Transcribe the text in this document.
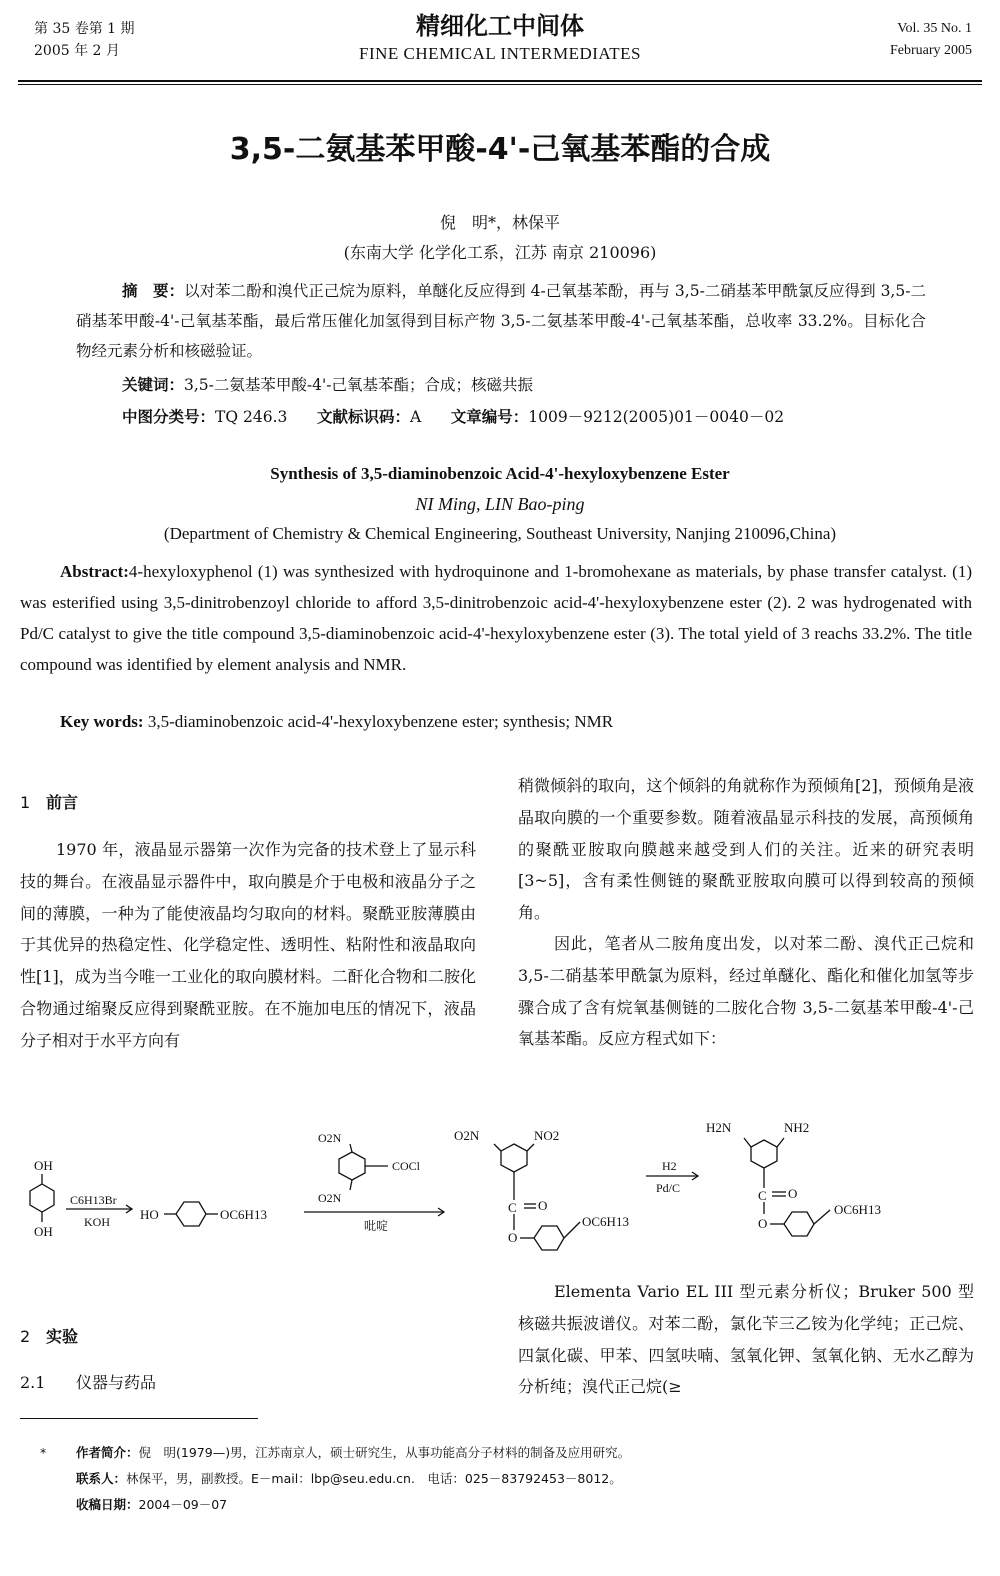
第 35 卷第 1 期
2005 年 2 月
精细化工中间体
FINE CHEMICAL INTERMEDIATES
Vol. 35 No. 1
February 2005
3,5-二氨基苯甲酸-4'-己氧基苯酯的合成
倪　明*，林保平
(东南大学 化学化工系，江苏 南京 210096)
摘　要：以对苯二酚和溴代正己烷为原料，单醚化反应得到 4-己氧基苯酚，再与 3,5-二硝基苯甲酰氯反应得到 3,5-二硝基苯甲酸-4'-己氧基苯酯，最后常压催化加氢得到目标产物 3,5-二氨基苯甲酸-4'-己氧基苯酯，总收率 33.2%。目标化合物经元素分析和核磁验证。
关键词：3,5-二氨基苯甲酸-4'-己氧基苯酯；合成；核磁共振
中图分类号：TQ 246.3 文献标识码：A 文章编号：1009－9212(2005)01－0040－02
Synthesis of 3,5-diaminobenzoic Acid-4'-hexyloxybenzene Ester
NI Ming, LIN Bao-ping
(Department of Chemistry & Chemical Engineering, Southeast University, Nanjing 210096,China)
Abstract:4-hexyloxyphenol (1) was synthesized with hydroquinone and 1-bromohexane as materials, by phase transfer catalyst. (1) was esterified using 3,5-dinitrobenzoyl chloride to afford 3,5-dinitrobenzoic acid-4'-hexyloxybenzene ester (2). 2 was hydrogenated with Pd/C catalyst to give the title compound 3,5-diaminobenzoic acid-4'-hexyloxybenzene ester (3). The total yield of 3 reachs 33.2%. The title compound was identified by element analysis and NMR.
Key words: 3,5-diaminobenzoic acid-4'-hexyloxybenzene ester; synthesis; NMR
1 前言
1970 年，液晶显示器第一次作为完备的技术登上了显示科技的舞台。在液晶显示器件中，取向膜是介于电极和液晶分子之间的薄膜，一种为了能使液晶均匀取向的材料。聚酰亚胺薄膜由于其优异的热稳定性、化学稳定性、透明性、粘附性和液晶取向性[1]，成为当今唯一工业化的取向膜材料。二酐化合物和二胺化合物通过缩聚反应得到聚酰亚胺。在不施加电压的情况下，液晶分子相对于水平方向有
稍微倾斜的取向，这个倾斜的角就称作为预倾角[2]，预倾角是液晶取向膜的一个重要参数。随着液晶显示科技的发展，高预倾角的聚酰亚胺取向膜越来越受到人们的关注。近来的研究表明[3~5]，含有柔性侧链的聚酰亚胺取向膜可以得到较高的预倾角。
因此，笔者从二胺角度出发，以对苯二酚、溴代正己烷和 3,5-二硝基苯甲酰氯为原料，经过单醚化、酯化和催化加氢等步骤合成了含有烷氧基侧链的二胺化合物 3,5-二氨基苯甲酸-4'-己氧基苯酯。反应方程式如下：
OH
OH
C6H13Br
KOH HO	OC6H13
O2N
O2N
COCl
吡啶
O2N	NO2
C O
O
OC6H13
H2
Pd/C
H2N	NH2
C O
O
OC6H13
2 实验
2.1 仪器与药品
Elementa Vario EL III 型元素分析仪；Bruker 500 型核磁共振波谱仪。对苯二酚，氯化苄三乙铵为化学纯；正己烷、四氯化碳、甲苯、四氢呋喃、氢氧化钾、氢氧化钠、无水乙醇为分析纯；溴代正己烷(≥
* 作者简介：倪　明(1979—)男，江苏南京人，硕士研究生，从事功能高分子材料的制备及应用研究。
联系人：林保平，男，副教授。E－mail：lbp@seu.edu.cn.　电话：025－83792453－8012。
收稿日期：2004－09－07
